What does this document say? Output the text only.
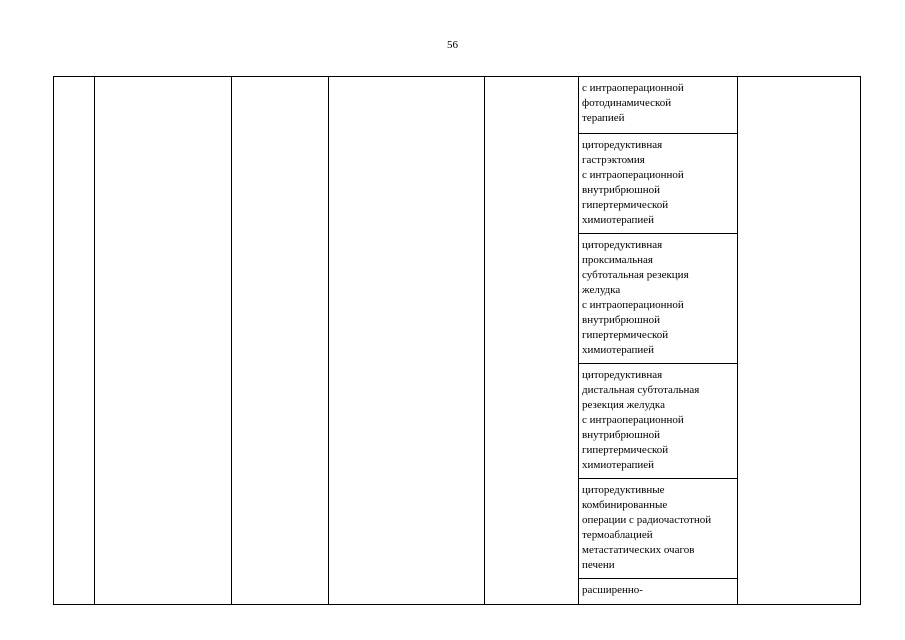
56
с интраоперационной
фотодинамической
терапией
циторедуктивная
гастрэктомия
с интраоперационной
внутрибрюшной
гипертермической
химиотерапией
циторедуктивная
проксимальная
субтотальная резекция
желудка
с интраоперационной
внутрибрюшной
гипертермической
химиотерапией
циторедуктивная
дистальная субтотальная
резекция желудка
с интраоперационной
внутрибрюшной
гипертермической
химиотерапией
циторедуктивные
комбинированные
операции с радиочастотной
термоаблацией
метастатических очагов
печени
расширенно-
